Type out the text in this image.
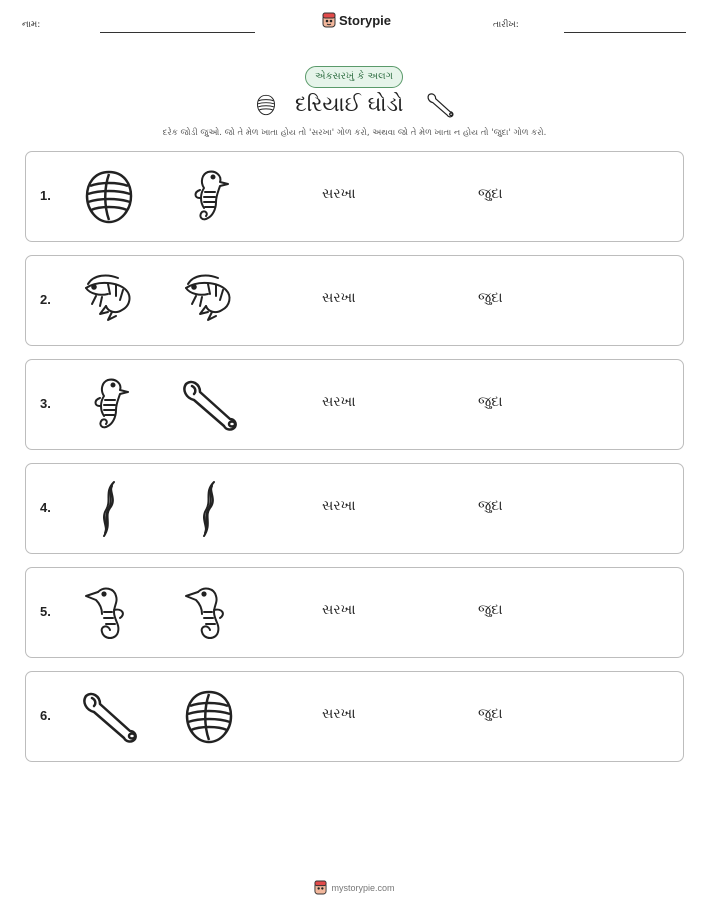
નામ:	Storypie	તારીખ:
એકસરખું કે અલગ
દરિયાઈ ઘોડો
દરેક જોડી જુઓ. જો તે મેળ ખાતા હોય તો 'સરખા' ગોળ કરો, અથવા જો તે મેળ ખાતા ન હોય તો 'જુદા' ગોળ કરો.
1.	સરખા	જુદા
2.	સરખા	જુદા
3.	સરખા	જુદા
4.	સરખા	જુદા
5.	સરખા	જુદા
6.	સરખા	જુદા
mystorypie.com
